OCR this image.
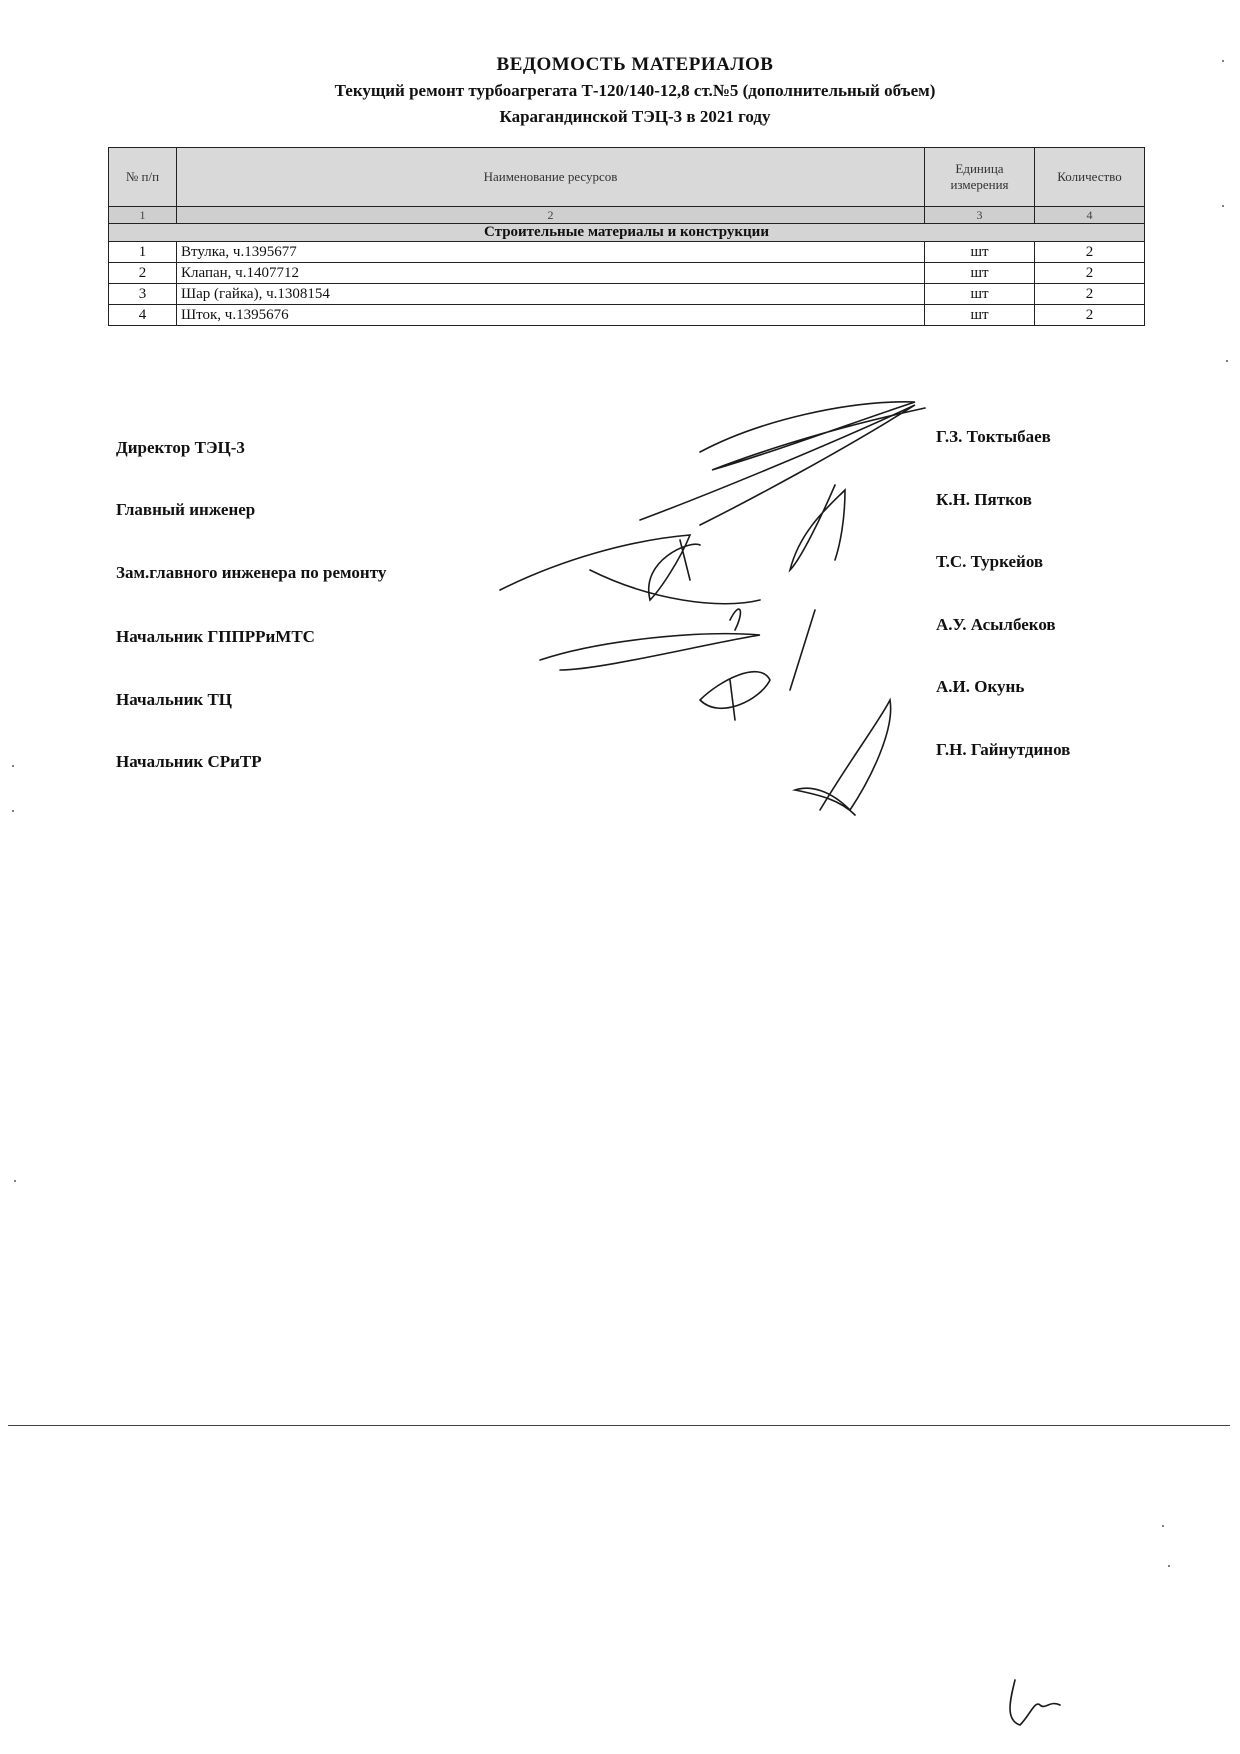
ВЕДОМОСТЬ МАТЕРИАЛОВ
Текущий ремонт турбоагрегата Т-120/140-12,8 ст.№5 (дополнительный объем)
Карагандинской ТЭЦ-3 в 2021 году
№ п/п	Наименование ресурсов	Единица измерения	Количество
1	2	3	4
Строительные материалы и конструкции			
1	Втулка, ч.1395677	шт	2
2	Клапан, ч.1407712	шт	2
3	Шар (гайка), ч.1308154	шт	2
4	Шток, ч.1395676	шт	2
Директор ТЭЦ-3
Главный инженер
Зам.главного инженера по ремонту
Начальник ГППРРиМТС
Начальник ТЦ
Начальник СРиТР
Г.З. Токтыбаев
К.Н. Пятков
Т.С. Туркейов
А.У. Асылбеков
А.И. Окунь
Г.Н. Гайнутдинов
